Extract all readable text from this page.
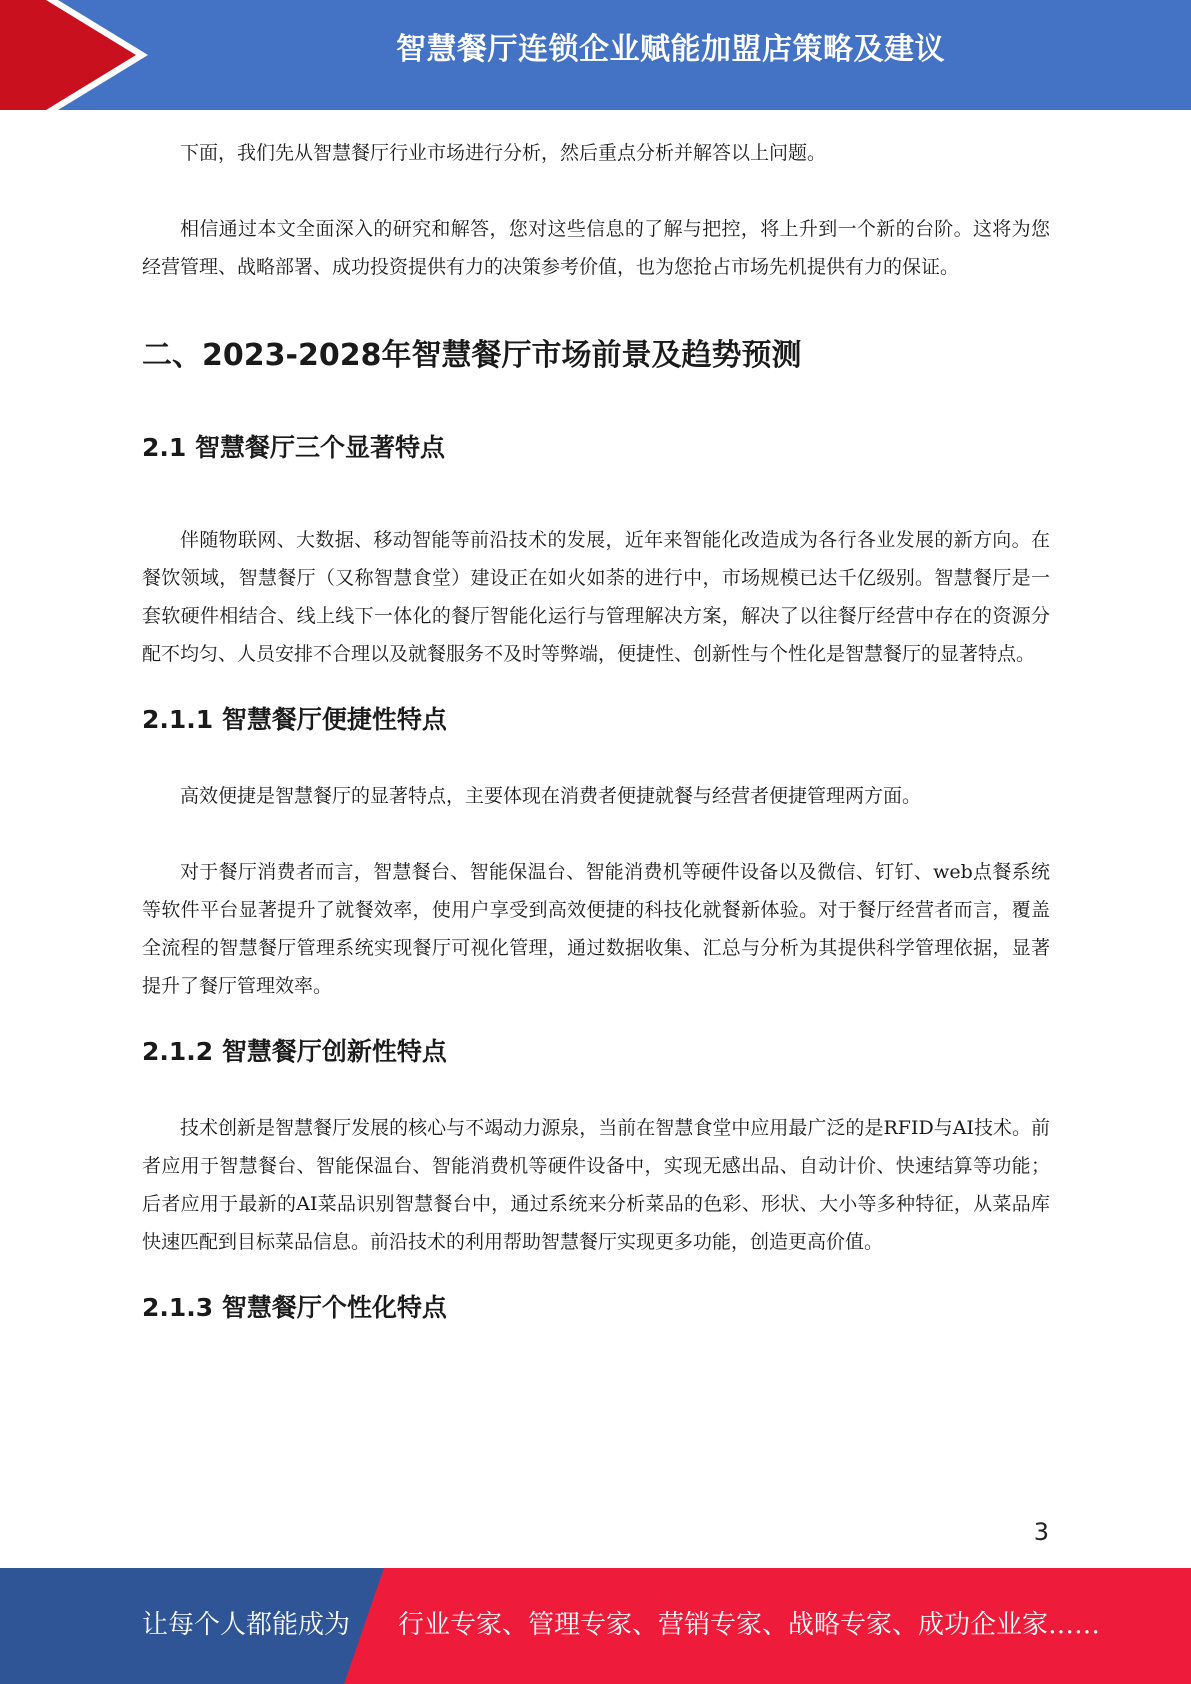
智慧餐厅连锁企业赋能加盟店策略及建议

下面，我们先从智慧餐厅行业市场进行分析，然后重点分析并解答以上问题。

相信通过本文全面深入的研究和解答，您对这些信息的了解与把控，将上升到一个新的台阶。这将为您经营管理、战略部署、成功投资提供有力的决策参考价值，也为您抢占市场先机提供有力的保证。

二、2023-2028年智慧餐厅市场前景及趋势预测
2.1 智慧餐厅三个显著特点

伴随物联网、大数据、移动智能等前沿技术的发展，近年来智能化改造成为各行各业发展的新方向。在餐饮领域，智慧餐厅（又称智慧食堂）建设正在如火如荼的进行中，市场规模已达千亿级别。智慧餐厅是一套软硬件相结合、线上线下一体化的餐厅智能化运行与管理解决方案，解决了以往餐厅经营中存在的资源分配不均匀、人员安排不合理以及就餐服务不及时等弊端，便捷性、创新性与个性化是智慧餐厅的显著特点。

2.1.1 智慧餐厅便捷性特点

高效便捷是智慧餐厅的显著特点，主要体现在消费者便捷就餐与经营者便捷管理两方面。

对于餐厅消费者而言，智慧餐台、智能保温台、智能消费机等硬件设备以及微信、钉钉、web点餐系统等软件平台显著提升了就餐效率，使用户享受到高效便捷的科技化就餐新体验。对于餐厅经营者而言，覆盖全流程的智慧餐厅管理系统实现餐厅可视化管理，通过数据收集、汇总与分析为其提供科学管理依据，显著提升了餐厅管理效率。

2.1.2 智慧餐厅创新性特点

技术创新是智慧餐厅发展的核心与不竭动力源泉，当前在智慧食堂中应用最广泛的是RFID与AI技术。前者应用于智慧餐台、智能保温台、智能消费机等硬件设备中，实现无感出品、自动计价、快速结算等功能；后者应用于最新的AI菜品识别智慧餐台中，通过系统来分析菜品的色彩、形状、大小等多种特征，从菜品库快速匹配到目标菜品信息。前沿技术的利用帮助智慧餐厅实现更多功能，创造更高价值。

2.1.3 智慧餐厅个性化特点
3
让每个人都能成为 行业专家、管理专家、营销专家、战略专家、成功企业家……
